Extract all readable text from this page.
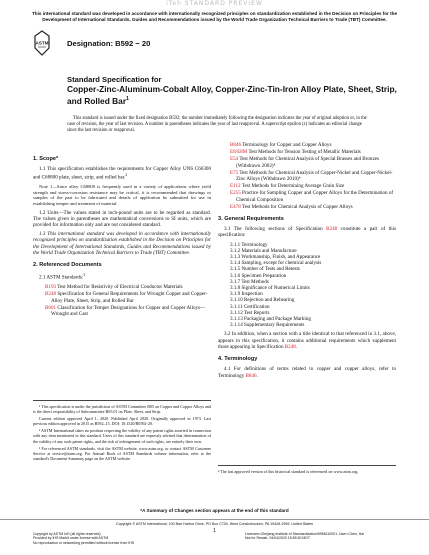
iTeh STANDARD PREVIEW
This international standard was developed in accordance with internationally recognized principles on standardization established in the Decision on Principles for the Development of International Standards, Guides and Recommendations issued by the World Trade Organization Technical Barriers to Trade (TBT) Committee.
ASTM Designation: B592 − 20
Standard Specification for
Copper-Zinc-Aluminum-Cobalt Alloy, Copper-Zinc-Tin-Iron Alloy Plate, Sheet, Strip, and Rolled Bar$^1$
This standard is issued under the fixed designation B592; the number immediately following the designation indicates the year of original adoption or, in the case of revision, the year of last revision. A number in parentheses indicates the year of last reapproval. A superscript epsilon (ε) indicates an editorial change since the last revision or reapproval.
1. Scope*

1.1 This specification establishes the requirements for Copper Alloy UNS C66300 and C68800 plate, sheet, strip, and rolled bar.$^2$

Note 1—Since alloy C68800 is frequently used in a variety of applications where yield strength and stress-corrosion resistance may be critical, it is recommended that drawings or samples of the part to be fabricated and details of application be submitted for use in establishing temper and treatment of material.

1.2 Units—The values stated in inch-pound units are to be regarded as standard. The values given in parentheses are mathematical conversions to SI units, which are provided for information only and are not considered standard.

1.3 This international standard was developed in accordance with internationally recognized principles on standardization established in the Decision on Principles for the Development of International Standards, Guides and Recommendations issued by the World Trade Organization Technical Barriers to Trade (TBT) Committee.

2. Referenced Documents

2.1 ASTM Standards:$^3$

B193 Test Method for Resistivity of Electrical Conductor Materials

B248 Specification for General Requirements for Wrought Copper and Copper-Alloy Plate, Sheet, Strip, and Rolled Bar

B601 Classification for Temper Designations for Copper and Copper Alloys—Wrought and Cast

¹ This specification is under the jurisdiction of ASTM Committee B05 on Copper and Copper Alloys and is the direct responsibility of Subcommittee B05.01 on Plate, Sheet, and Strip.

Current edition approved April 1, 2020. Published April 2020. Originally approved in 1973. Last previous edition approved in 2015 as B592–15. DOI: 10.1520/B0592-20.

² ASTM International takes no position respecting the validity of any patent rights asserted in connection with any item mentioned in this standard. Users of this standard are expressly advised that determination of the validity of any such patent rights, and the risk of infringement of such rights, are entirely their own.

³ For referenced ASTM standards, visit the ASTM website, www.astm.org, or contact ASTM Customer Service at service@astm.org. For Annual Book of ASTM Standards volume information, refer to the standard's Document Summary page on the ASTM website.

B846 Terminology for Copper and Copper Alloys

E8/E8M Test Methods for Tension Testing of Metallic Materials

E54 Test Methods for Chemical Analysis of Special Brasses and Bronzes (Withdrawn 2002)⁴

E75 Test Methods for Chemical Analysis of Copper-Nickel and Copper-Nickel-Zinc Alloys (Withdrawn 2010)⁴

E112 Test Methods for Determining Average Grain Size

E255 Practice for Sampling Copper and Copper Alloys for the Determination of Chemical Composition

E478 Test Methods for Chemical Analysis of Copper Alloys

3. General Requirements

3.1 The following sections of Specification B248 constitute a part of this specification:

3.1.1 Terminology
3.1.2 Materials and Manufacture
3.1.3 Workmanship, Finish, and Appearance
3.1.4 Sampling, except for chemical analysis
3.1.5 Number of Tests and Retests
3.1.6 Specimen Preparation
3.1.7 Test Methods
3.1.8 Significance of Numerical Limits
3.1.9 Inspection
3.1.10 Rejection and Rehearing
3.1.11 Certification
3.1.12 Test Reports
3.1.13 Packaging and Package Marking
3.1.14 Supplementary Requirements

3.2 In addition, when a section with a title identical to that referenced in 3.1, above, appears in this specification, it contains additional requirements which supplement those appearing in Specification B248.

4. Terminology

4.1 For definitions of terms related to copper and copper alloys, refer to Terminology B846.

⁴ The last approved version of this historical standard is referenced on www.astm.org.
*A Summary of Changes section appears at the end of this standard
Copyright © ASTM International, 100 Barr Harbor Drive, PO Box C700, West Conshohocken, PA 19428-2959. United States
1
Copyright by ASTM Int'l (all rights reserved);
Provided by IHS Markit under license with ASTM
No reproduction or networking permitted without license from IHS
Licensee=Zhejiang Institute of Standardization/5956110001, User=Chen, Hai
Not for Resale, 04/04/2020 15:55:30 MDT
